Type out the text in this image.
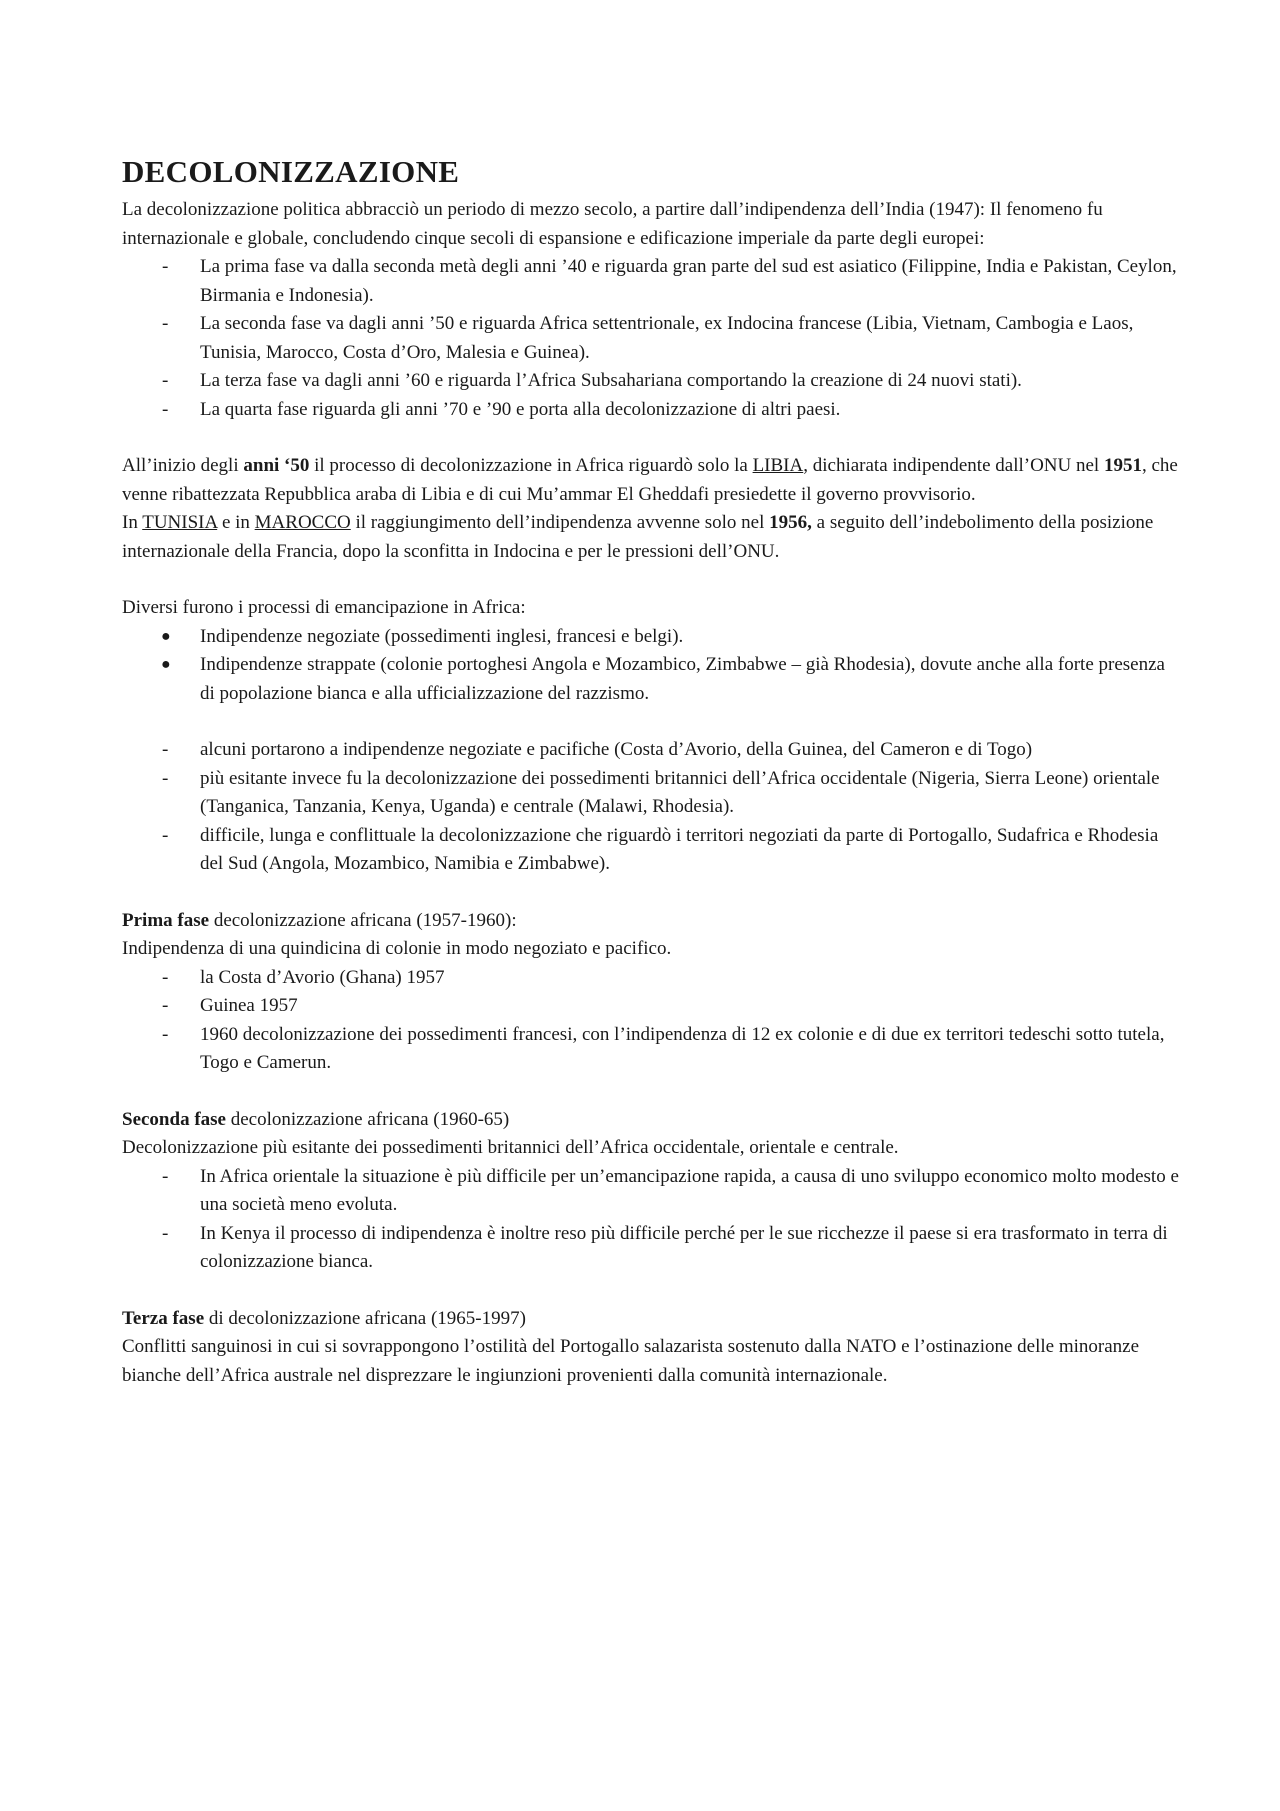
DECOLONIZZAZIONE

La decolonizzazione politica abbracciò un periodo di mezzo secolo, a partire dall’indipendenza dell’India (1947): Il fenomeno fu internazionale e globale, concludendo cinque secoli di espansione e edificazione imperiale da parte degli europei:

- La prima fase va dalla seconda metà degli anni ’40 e riguarda gran parte del sud est asiatico (Filippine, India e Pakistan, Ceylon, Birmania e Indonesia).
- La seconda fase va dagli anni ’50 e riguarda Africa settentrionale, ex Indocina francese (Libia, Vietnam, Cambogia e Laos, Tunisia, Marocco, Costa d’Oro, Malesia e Guinea).
- La terza fase va dagli anni ’60 e riguarda l’Africa Subsahariana comportando la creazione di 24 nuovi stati).
- La quarta fase riguarda gli anni ’70 e ’90 e porta alla decolonizzazione di altri paesi.

All’inizio degli anni ‘50 il processo di decolonizzazione in Africa riguardò solo la LIBIA, dichiarata indipendente dall’ONU nel 1951, che venne ribattezzata Repubblica araba di Libia e di cui Mu’ammar El Gheddafi presiedette il governo provvisorio.

In TUNISIA e in MAROCCO il raggiungimento dell’indipendenza avvenne solo nel 1956, a seguito dell’indebolimento della posizione internazionale della Francia, dopo la sconfitta in Indocina e per le pressioni dell’ONU.

Diversi furono i processi di emancipazione in Africa:

● Indipendenze negoziate (possedimenti inglesi, francesi e belgi).
● Indipendenze strappate (colonie portoghesi Angola e Mozambico, Zimbabwe – già Rhodesia), dovute anche alla forte presenza di popolazione bianca e alla ufficializzazione del razzismo.
- alcuni portarono a indipendenze negoziate e pacifiche (Costa d’Avorio, della Guinea, del Cameron e di Togo)
- più esitante invece fu la decolonizzazione dei possedimenti britannici dell’Africa occidentale (Nigeria, Sierra Leone) orientale (Tanganica, Tanzania, Kenya, Uganda) e centrale (Malawi, Rhodesia).
- difficile, lunga e conflittuale la decolonizzazione che riguardò i territori negoziati da parte di Portogallo, Sudafrica e Rhodesia del Sud (Angola, Mozambico, Namibia e Zimbabwe).

Prima fase decolonizzazione africana (1957-1960):

Indipendenza di una quindicina di colonie in modo negoziato e pacifico.

- la Costa d’Avorio (Ghana) 1957
- Guinea 1957
- 1960 decolonizzazione dei possedimenti francesi, con l’indipendenza di 12 ex colonie e di due ex territori tedeschi sotto tutela, Togo e Camerun.

Seconda fase decolonizzazione africana (1960-65)

Decolonizzazione più esitante dei possedimenti britannici dell’Africa occidentale, orientale e centrale.

- In Africa orientale la situazione è più difficile per un’emancipazione rapida, a causa di uno sviluppo economico molto modesto e una società meno evoluta.
- In Kenya il processo di indipendenza è inoltre reso più difficile perché per le sue ricchezze il paese si era trasformato in terra di colonizzazione bianca.

Terza fase di decolonizzazione africana (1965-1997)

Conflitti sanguinosi in cui si sovrappongono l’ostilità del Portogallo salazarista sostenuto dalla NATO e l’ostinazione delle minoranze bianche dell’Africa australe nel disprezzare le ingiunzioni provenienti dalla comunità internazionale.
